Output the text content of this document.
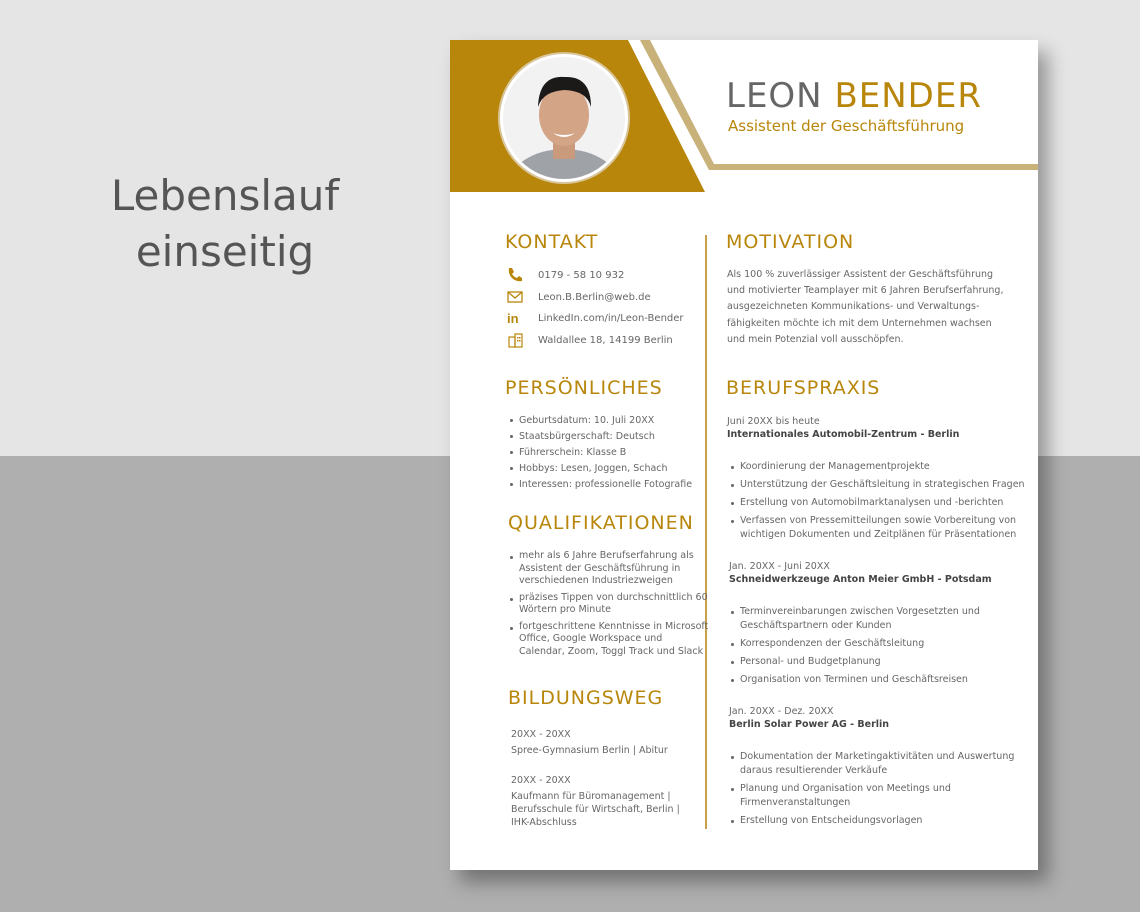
Lebenslauf
einseitig
LEON BENDER
Assistent der Geschäftsführung
KONTAKT
0179 - 58 10 932
Leon.B.Berlin@web.de
in LinkedIn.com/in/Leon-Bender
Waldallee 18, 14199 Berlin
PERSÖNLICHES
Geburtsdatum: 10. Juli 20XX
Staatsbürgerschaft: Deutsch
Führerschein: Klasse B
Hobbys: Lesen, Joggen, Schach
Interessen: professionelle Fotografie
QUALIFIKATIONEN
mehr als 6 Jahre Berufserfahrung als
Assistent der Geschäftsführung in
verschiedenen Industriezweigen
präzises Tippen von durchschnittlich 60
Wörtern pro Minute
fortgeschrittene Kenntnisse in Microsoft
Office, Google Workspace und
Calendar, Zoom, Toggl Track und Slack
BILDUNGSWEG
20XX - 20XX
Spree-Gymnasium Berlin | Abitur
20XX - 20XX
Kaufmann für Büromanagement |
Berufsschule für Wirtschaft, Berlin |
IHK-Abschluss
MOTIVATION
Als 100 % zuverlässiger Assistent der Geschäftsführung
und motivierter Teamplayer mit 6 Jahren Berufserfahrung,
ausgezeichneten Kommunikations- und Verwaltungs-
fähigkeiten möchte ich mit dem Unternehmen wachsen
und mein Potenzial voll ausschöpfen.
BERUFSPRAXIS
Juni 20XX bis heute
Internationales Automobil-Zentrum - Berlin
Koordinierung der Managementprojekte
Unterstützung der Geschäftsleitung in strategischen Fragen
Erstellung von Automobilmarktanalysen und -berichten
Verfassen von Pressemitteilungen sowie Vorbereitung von
wichtigen Dokumenten und Zeitplänen für Präsentationen
Jan. 20XX - Juni 20XX
Schneidwerkzeuge Anton Meier GmbH - Potsdam
Terminvereinbarungen zwischen Vorgesetzten und
Geschäftspartnern oder Kunden
Korrespondenzen der Geschäftsleitung
Personal- und Budgetplanung
Organisation von Terminen und Geschäftsreisen
Jan. 20XX - Dez. 20XX
Berlin Solar Power AG - Berlin
Dokumentation der Marketingaktivitäten und Auswertung
daraus resultierender Verkäufe
Planung und Organisation von Meetings und
Firmenveranstaltungen
Erstellung von Entscheidungsvorlagen
